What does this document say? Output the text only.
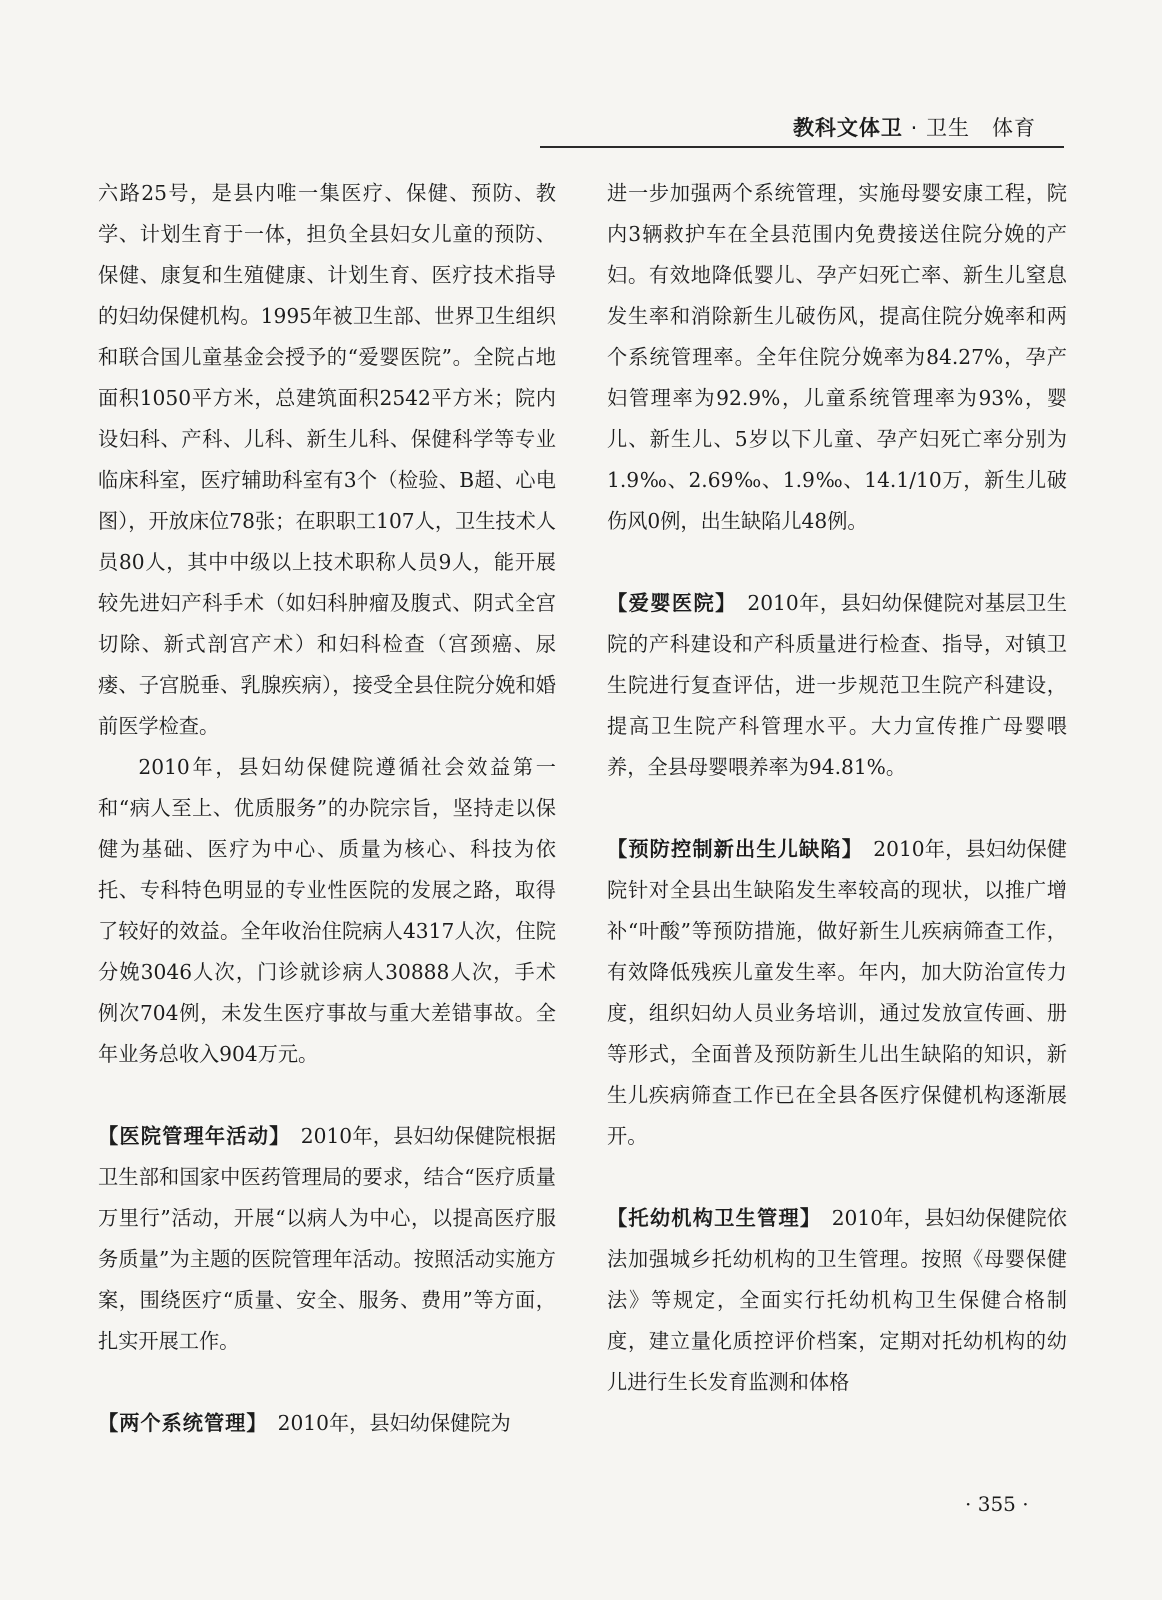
教科文体卫 · 卫生　体育

六路25号，是县内唯一集医疗、保健、预防、教学、计划生育于一体，担负全县妇女儿童的预防、保健、康复和生殖健康、计划生育、医疗技术指导的妇幼保健机构。1995年被卫生部、世界卫生组织和联合国儿童基金会授予的“爱婴医院”。全院占地面积1050平方米，总建筑面积2542平方米；院内设妇科、产科、儿科、新生儿科、保健科学等专业临床科室，医疗辅助科室有3个（检验、B超、心电图），开放床位78张；在职职工107人，卫生技术人员80人，其中中级以上技术职称人员9人，能开展较先进妇产科手术（如妇科肿瘤及腹式、阴式全宫切除、新式剖宫产术）和妇科检查（宫颈癌、尿瘘、子宫脱垂、乳腺疾病），接受全县住院分娩和婚前医学检查。

2010年，县妇幼保健院遵循社会效益第一和“病人至上、优质服务”的办院宗旨，坚持走以保健为基础、医疗为中心、质量为核心、科技为依托、专科特色明显的专业性医院的发展之路，取得了较好的效益。全年收治住院病人4317人次，住院分娩3046人次，门诊就诊病人30888人次，手术例次704例，未发生医疗事故与重大差错事故。全年业务总收入904万元。

【医院管理年活动】　2010年，县妇幼保健院根据卫生部和国家中医药管理局的要求，结合“医疗质量万里行”活动，开展“以病人为中心，以提高医疗服务质量”为主题的医院管理年活动。按照活动实施方案，围绕医疗“质量、安全、服务、费用”等方面，扎实开展工作。

【两个系统管理】　2010年，县妇幼保健院为

进一步加强两个系统管理，实施母婴安康工程，院内3辆救护车在全县范围内免费接送住院分娩的产妇。有效地降低婴儿、孕产妇死亡率、新生儿窒息发生率和消除新生儿破伤风，提高住院分娩率和两个系统管理率。全年住院分娩率为84.27%，孕产妇管理率为92.9%，儿童系统管理率为93%，婴儿、新生儿、5岁以下儿童、孕产妇死亡率分别为1.9‰、2.69‰、1.9‰、14.1/10万，新生儿破伤风0例，出生缺陷儿48例。

【爱婴医院】　2010年，县妇幼保健院对基层卫生院的产科建设和产科质量进行检查、指导，对镇卫生院进行复查评估，进一步规范卫生院产科建设，提高卫生院产科管理水平。大力宣传推广母婴喂养，全县母婴喂养率为94.81%。

【预防控制新出生儿缺陷】　2010年，县妇幼保健院针对全县出生缺陷发生率较高的现状，以推广增补“叶酸”等预防措施，做好新生儿疾病筛查工作，有效降低残疾儿童发生率。年内，加大防治宣传力度，组织妇幼人员业务培训，通过发放宣传画、册等形式，全面普及预防新生儿出生缺陷的知识，新生儿疾病筛查工作已在全县各医疗保健机构逐渐展开。

【托幼机构卫生管理】　2010年，县妇幼保健院依法加强城乡托幼机构的卫生管理。按照《母婴保健法》等规定，全面实行托幼机构卫生保健合格制度，建立量化质控评价档案，定期对托幼机构的幼儿进行生长发育监测和体格

· 355 ·
